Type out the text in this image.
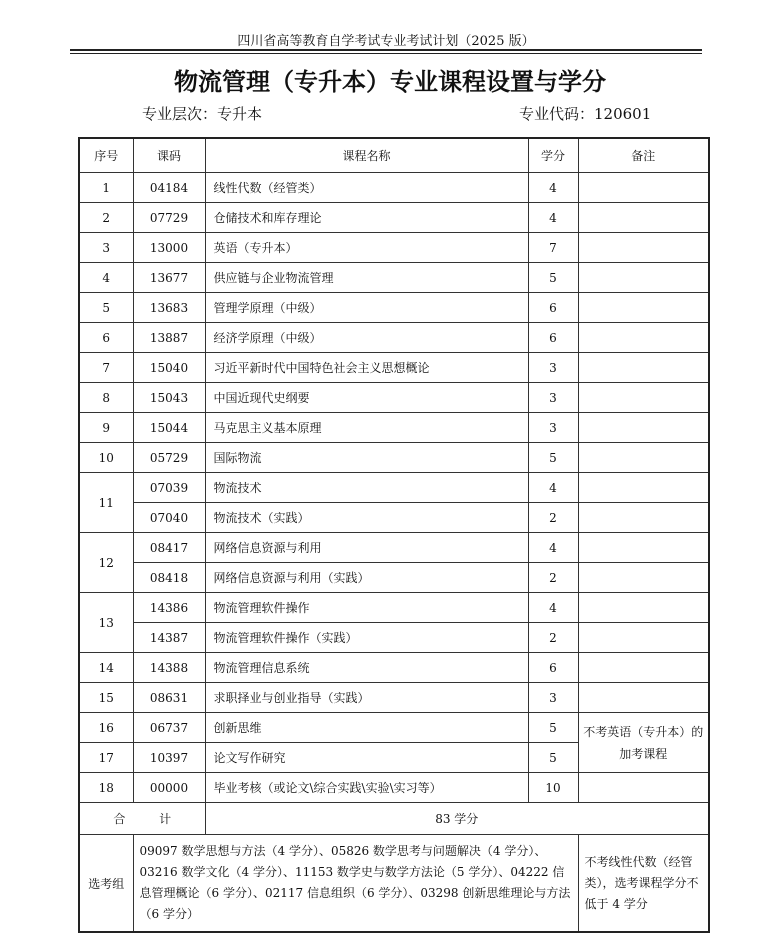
四川省高等教育自学考试专业考试计划（2025 版）
物流管理（专升本）专业课程设置与学分
专业层次：专升本	专业代码：120601
序号	课码	课程名称	学分	备注
1	04184	线性代数（经管类）	4	
2	07729	仓储技术和库存理论	4	
3	13000	英语（专升本）	7	
4	13677	供应链与企业物流管理	5	
5	13683	管理学原理（中级）	6	
6	13887	经济学原理（中级）	6	
7	15040	习近平新时代中国特色社会主义思想概论	3	
8	15043	中国近现代史纲要	3	
9	15044	马克思主义基本原理	3	
10	05729	国际物流	5	
11	07039	物流技术	4	
	07040	物流技术（实践）	2	
12	08417	网络信息资源与利用	4	
	08418	网络信息资源与利用（实践）	2	
13	14386	物流管理软件操作	4	
	14387	物流管理软件操作（实践）	2	
14	14388	物流管理信息系统	6	
15	08631	求职择业与创业指导（实践）	3	
16	06737	创新思维	5	不考英语（专升本）的加考课程
17	10397	论文写作研究	5	
18	00000	毕业考核（或论文\综合实践\实验\实习等）	10	
合 计		83 学分		
选考组	09097 数学思想与方法（4 学分）、05826 数学思考与问题解决（4 学分）、03216 数学文化（4 学分）、11153 数学史与数学方法论（5 学分）、04222 信息管理概论（6 学分）、02117 信息组织（6 学分）、03298 创新思维理论与方法（6 学分）			不考线性代数（经管类），选考课程学分不低于 4 学分
